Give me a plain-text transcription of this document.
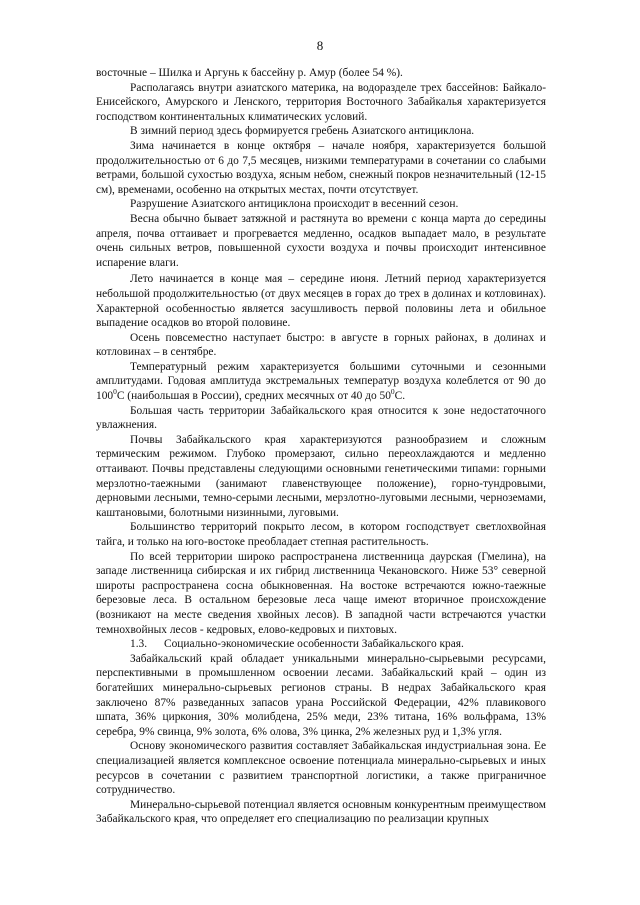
8

восточные – Шилка и Аргунь к бассейну р. Амур (более 54 %).

Располагаясь внутри азиатского материка, на водоразделе трех бассейнов: Байкало-Енисейского, Амурского и Ленского, территория Восточного Забайкалья характеризуется господством континентальных климатических условий.

В зимний период здесь формируется гребень Азиатского антициклона.

Зима начинается в конце октября – начале ноября, характеризуется большой продолжительностью от 6 до 7,5 месяцев, низкими температурами в сочетании со слабыми ветрами, большой сухостью воздуха, ясным небом, снежный покров незначительный (12-15 см), временами, особенно на открытых местах, почти отсутствует.

Разрушение Азиатского антициклона происходит в весенний сезон.

Весна обычно бывает затяжной и растянута во времени с конца марта до середины апреля, почва оттаивает и прогревается медленно, осадков выпадает мало, в результате очень сильных ветров, повышенной сухости воздуха и почвы происходит интенсивное испарение влаги.

Лето начинается в конце мая – середине июня. Летний период характеризуется небольшой продолжительностью (от двух месяцев в горах до трех в долинах и котловинах). Характерной особенностью является засушливость первой половины лета и обильное выпадение осадков во второй половине.

Осень повсеместно наступает быстро: в августе в горных районах, в долинах и котловинах – в сентябре.

Температурный режим характеризуется большими суточными и сезонными амплитудами. Годовая амплитуда экстремальных температур воздуха колеблется от 90 до $100^0С$ (наибольшая в России), средних месячных от 40 до $50^0С$.

Большая часть территории Забайкальского края относится к зоне недостаточного увлажнения.

Почвы Забайкальского края характеризуются разнообразием и сложным термическим режимом. Глубоко промерзают, сильно переохлаждаются и медленно оттаивают. Почвы представлены следующими основными генетическими типами: горными мерзлотно-таежными (занимают главенствующее положение), горно-тундровыми, дерновыми лесными, темно-серыми лесными, мерзлотно-луговыми лесными, черноземами, каштановыми, болотными низинными, луговыми.

Большинство территорий покрыто лесом, в котором господствует светлохвойная тайга, и только на юго-востоке преобладает степная растительность.

По всей территории широко распространена лиственница даурская (Гмелина), на западе лиственница сибирская и их гибрид лиственница Чекановского. Ниже 53° северной широты распространена сосна обыкновенная. На востоке встречаются южно-таежные березовые леса. В остальном березовые леса чаще имеют вторичное происхождение (возникают на месте сведения хвойных лесов). В западной части встречаются участки темнохвойных лесов - кедровых, елово-кедровых и пихтовых.

1.3.	Социально-экономические особенности Забайкальского края.

Забайкальский край обладает уникальными минерально-сырьевыми ресурсами, перспективными в промышленном освоении лесами. Забайкальский край – один из богатейших минерально-сырьевых регионов страны. В недрах Забайкальского края заключено 87% разведанных запасов урана Российской Федерации, 42% плавикового шпата, 36% циркония, 30% молибдена, 25% меди, 23% титана, 16% вольфрама, 13% серебра, 9% свинца, 9% золота, 6% олова, 3% цинка, 2% железных руд и 1,3% угля.

Основу экономического развития составляет Забайкальская индустриальная зона. Ее специализацией является комплексное освоение потенциала минерально-сырьевых и иных ресурсов в сочетании с развитием транспортной логистики, а также приграничное сотрудничество.

Минерально-сырьевой потенциал является основным конкурентным преимуществом Забайкальского края, что определяет его специализацию по реализации крупных
